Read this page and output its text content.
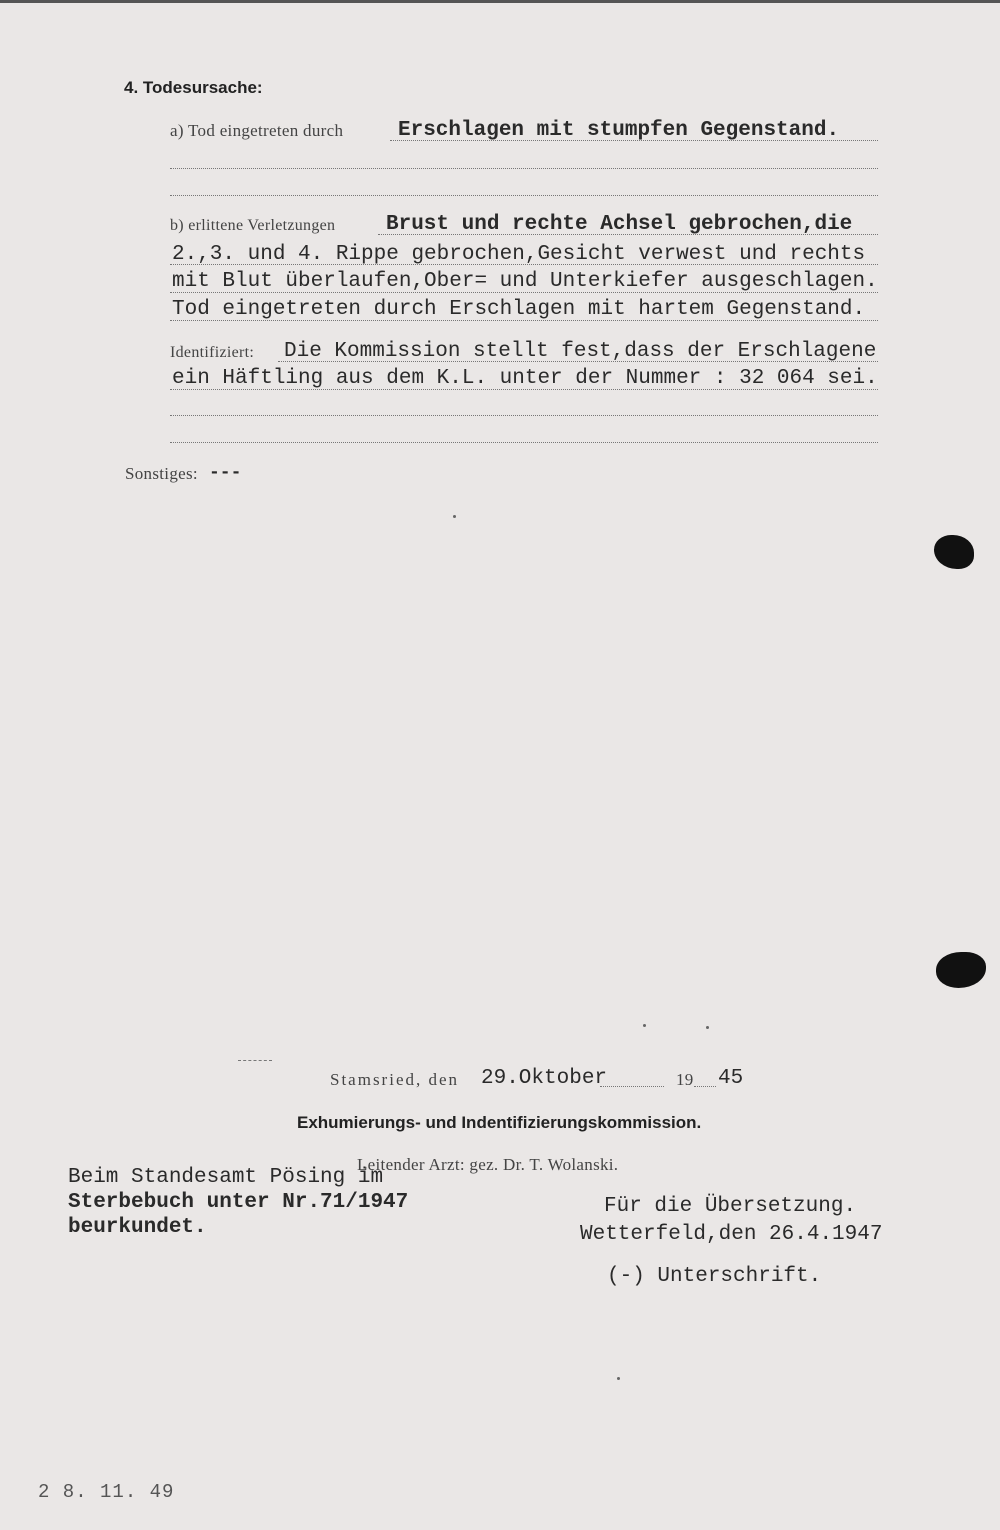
4. Todesursache:
a) Tod eingetreten durch	Erschlagen mit stumpfen Gegenstand.
b) erlittene Verletzungen Brust und rechte Achsel gebrochen,die
2.,3. und 4. Rippe gebrochen,Gesicht verwest und rechts
mit Blut überlaufen,Ober= und Unterkiefer ausgeschlagen.
Tod eingetreten durch Erschlagen mit hartem Gegenstand.
Identifiziert: Die Kommission stellt fest,dass der Erschlagene
ein Häftling aus dem K.L. unter der Nummer : 32 064 sei.
Sonstiges: ---
Stamsried, den 29.Oktober	19 45
Exhumierungs- und Indentifizierungskommission.
Leitender Arzt: gez. Dr. T. Wolanski.
Beim Standesamt Pösing im
Sterbebuch unter Nr.71/1947
beurkundet.
Für die Übersetzung.
Wetterfeld,den 26.4.1947
(-) Unterschrift.
2 8. 11. 49
